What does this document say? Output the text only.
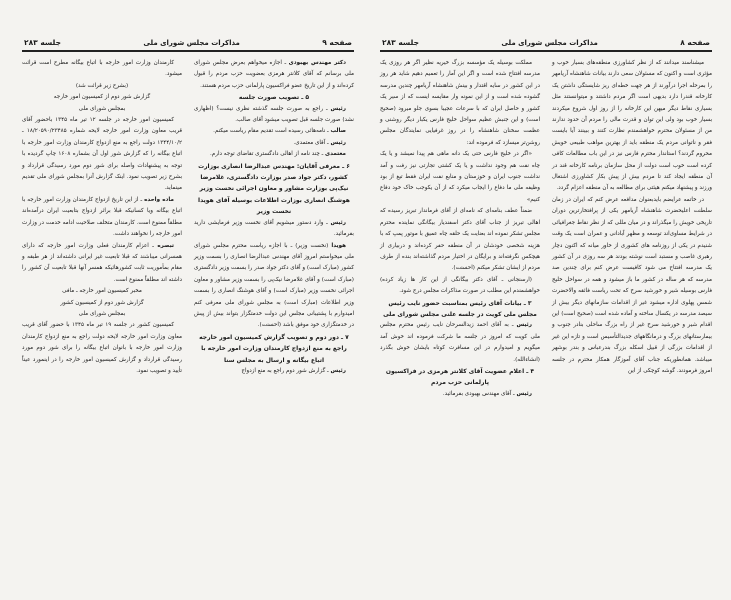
صفحه ۹
مذاکرات مجلس شورای ملی
جلسه ۲۸۳

دکتر مهندس بهبودی ـ اجازه میخواهم بعرض مجلس شورای ملی برسانم که آقای کلانتر هرمزی بعضویت حزب مردم را قبول کرده‌اند و از این تاریخ عضو فراکسیون پارلمانی حزب مردم هستند.

۵ ـ تصویب صورت جلسه

رئیس ـ راجع به صورت جلسه گذشته نظری نیست؟ (اظهاری نشد) صورت جلسه قبل تصویب میشود آقای صالب.

صالب ـ نامه‌هائی رسیده است تقدیم مقام ریاست میکنم.

رئیس ـ آقای معتمدی.

معتمدی ـ چند نامه از اهالی دادگستری تقاضای توجه دارم.

۶ ـ معرفی آقایان: مهندس عبدالرضا انصاری بوزارت کشور، دکتر جواد صدر بوزارت دادگستری، غلامرضا نیک‌پی بوزارت مشاور و معاون اجرائی نخست وزیر هوشنگ انصاری بوزارت اطلاعات بوسیله آقای هویدا نخست وزیر

رئیس ـ وارد دستور میشویم آقای نخست وزیر فرمایشی دارید بفرمائید.

هویدا (نخست وزیر) ـ با اجازه ریاست محترم مجلس شورای ملی میخواستم امروز آقای مهندس عبدالرضا انصاری را بسمت وزیر کشور (مبارک است) و آقای دکتر جواد صدر را بسمت وزیر دادگستری (مبارک است) و آقای غلامرضا نیک‌پی را بسمت وزیر مشاور و معاون اجرائی نخست وزیر (مبارک است) و آقای هوشنگ انصاری را بسمت وزیر اطلاعات (مبارک است) به مجلس شورای ملی معرفی کنم امیدوارم با پشتیبانی مجلس این دولت خدمتگزار بتواند بیش از پیش در خدمتگزاری خود موفق باشد (احسنت).

۷ ـ دور دوم و تصویب گزارش کمیسیون امور خارجه راجع به منع ازدواج کارمندان وزارت امور خارجه با اتباع بیگانه و ارسال به مجلس سنا

رئیس ـ گزارش شور دوم راجع به منع ازدواج

کارمندان وزارت امور خارجه با اتباع بیگانه مطرح است قرائت میشود.

(بشرح زیر قرائت شد)

گزارش شور دوم از کمیسیون امور خارجه

بمجلس شورای ملی

کمیسیون امور خارجه در جلسه ۱۲ تیر ماه ۱۳۴۵ باحضور آقای قریب معاون وزارت امور خارجه لایحه شماره ۱۸/۲۰۵۹۰/۲۳۴۸۵ ـ ۱۳۴۴/۱۰/۲ دولت راجع به منع ازدواج کارمندان وزارت امور خارجه با اتباع بیگانه را که گزارش شور اول آن بشماره ۱۶۰۸ چاپ گردیده با توجه به پیشنهادات واصله برای شور دوم مورد رسیدگی قرارداد و بشرح زیر تصویب نمود. اینک گزارش آنرا بمجلس شورای ملی تقدیم مینماید.

ماده واحده ـ از این تاریخ ازدواج کارمندان وزارت امور خارجه با اتباع بیگانه ویا کسانیکه قبلا براثر ازدواج بتابعیت ایران درآمده‌اند مطلقاً ممنوع است. کارمندان متخلف صلاحیت ادامه خدمت در وزارت امور خارجه را نخواهند داشت.

تبصره ـ اعزام کارمندان فعلی وزارت امور خارجه که دارای همسرانی میباشند که قبلا تابعیت غیر ایرانی داشته‌اند از هر طبقه و مقام بمأموریت ثابت کشورهائیکه همسر آنها قبلا تابعیت آن کشور را داشته اند مطلقاً ممنوع است.

مخبر کمیسیون امور خارجه ـ مافی

گزارش شور دوم از کمیسیون کشور

بمجلس شورای ملی

کمیسیون کشور در جلسه ۱۹ تیر ماه ۱۳۴۵ با حضور آقای قریب معاون وزارت امور خارجه لایحه دولت راجع به منع ازدواج کارمندان وزارت امور خارجه با بانوان اتباع بیگانه را برای شور دوم مورد رسیدگی قرارداد و گزارش کمیسیون امور خارجه را در اینمورد عیناً تأیید و تصویب نمود.

صفحه ۸
مذاکرات مجلس شورای ملی
جلسه ۲۸۳

میشناسند میدانند که از نظر کشاورزی منطقه‌های بسیار خوب و مؤثری است و اکنون که مسئولان سعی دارند بیانات شاهنشاه آریامهر را بمرحله اجرا درآورند از هر جهت خطه‌ای ریز شایستگی داشتن یک کارخانه قندرا دارد بدیهی است اگر مردم داشتند و میتوانستند مثل بسیاری نقاط دیگر میهن این کارخانه را از روز اول شروع میکردند بسیار خوب بود ولی این توان و قدرت مالی را مردم آن حدود ندارند من از مسئولان محترم خواهشمندم نظارت کنند و ببینند آیا بایست فقر و ناتوانی مردم یک منطقه باید از بهترین مواهب طبیعی خویش محروم گردند؟ استاندار محترم فارس نیز در این باب مطالعات کافی کرده است خوب است دولت از محل سازمان برنامه کارخانه قند در آن منطقه ایجاد کند تا مردم بیش از پیش بکار کشاورزی اشتغال ورزند و پیشنهاد میکنم هیئتی برای مطالعه به آن منطقه اعزام گردد.

در خاتمه عرایضم بایدبعنوان مدافعه عرض کنم که ایران در زمان سلطنت اعلیحضرت شاهنشاه آریامهر یکی از پرافتخارترین دوران تاریخی خویش را میگذراند و در میان مللی که از نظر نقاط جغرافیائی در شرایط مساوی‌اند توسعه و مظهر آبادانی و عمران است یک وقت شنیدم در یکی از روزنامه های کشوری از خاور میانه که اکنون دچار رهبری غاصب و مستبد است نوشته بودند هر سه روزی در آن کشور یک مدرسه افتتاح می شود کافیست عرض کنم برای چندین صد مدرسه که هر ساله در کشور ما باز میشود و همه در سواحل خلیج فارس بوسیله شیر و خورشید سرخ که تحت ریاست فائقه والاحضرت شمس پهلوی اداره میشود غیر از اقدامات سازمانهای دیگر بیش از سیصد مدرسه در یکسال ساخته و آماده شده است (صحیح است) این اقدام شیر و خورشید سرخ غیر از راه بزرگ ساحلی بنادر جنوب و بیمارستانهای بزرگ و درمانگاههای جدیدالتأسیس است و تازه این غیر از اقدامات بزرگی از قبیل اسکله بزرگ بندرعباس و بندر بوشهر میباشد. همانطوریکه جناب آقای آموزگار همکار محترم در جلسه امروز فرمودند. گوشه کوچکی از این

مملکت بوسیله یک مؤسسه بزرگ خیریه نظیر اگر هر روزی یک مدرسه افتتاح شده است و اگر این آمار را تعمیم دهیم شاید هر روز در این کشور در سایه اقتدار و بینش شاهنشاه آریامهر چندین مدرسه گشوده شده است و از این نمونه وار مقایسه ایست که از سیر یک کشور و حاصل ایران که با سرعات عجیبا بسوی جلو میرود (صحیح است) و این جنبش عظیم سواحل خلیج فارس یکبار دیگر روشنی و عظمت سخنان شاهنشاه را در روز غرفیایی نمایندگان مجلس روشن‌تر میسازد که فرموده اند:

«اگر در خلیج فارس حتی یک دانه ماهی هم پیدا نمیشد و یا یک چاه نفت هم وجود نداشت و یا یک کشتی تجارتی نیز رفت و آمد نداشت جنوب ایران و خوزستان و منابع نفت ایران فقط تیغ از بود وظیفه ملی ما دفاع را ایجاب میکرد که از آن یکوجب خاک خود دفاع کنیم»

ضمناً عطف بنامه‌ای که نامه‌ای از آقای فرماندار تبریز رسیده که اهالی تبریز از جناب آقای دکتر اسفندیار بیگانگی نماینده محترم مجلس تشکر نموده اند بعنایت یک حلقه چاه عمیق با موتور پمپ که با هزینه شخصی خودشان در آن منطقه حفر کرده‌اند و دربیاری از هیچکس نگرفته‌اند و برایگان در اختیار مردم گذاشته‌اند بنده از طرف مردم از ایشان تشکر میکنم (احسنت).

(ارسنجانی ـ آقای دکتر بیگانگی از این کار ها زیاد کرده) خواهشمندم این مطلب در صورت مذاکرات مجلس درج شود.

۳ ـ بیانات آقای رئیس بمناسبت حضور نایب رئیس مجلس ملی کویت در جلسه علنی مجلس شورای ملی

رئیس ـ به آقای احمد زیدالسرحان نایب رئیس محترم مجلس ملی کویت که امروز در جلسه ما شرکت فرموده اند خوش آمد میگویم و امیدوارم در این مسافرت کوتاه بایشان خوش بگذرد (انشاءالله).

۴ ـ اعلام عضویت آقای کلانتر هرمزی در فراکسیون پارلمانی حزب مردم

رئیس ـ آقای مهندس بهبودی بفرمائید.
